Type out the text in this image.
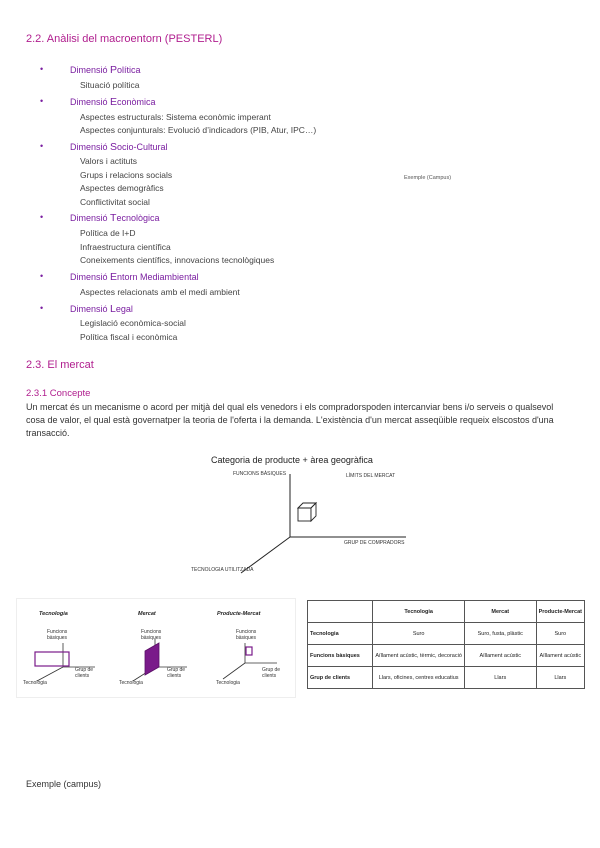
2.2. Anàlisi del macroentorn (PESTERL)
•	Dimensió Política
Situació política
•	Dimensió Econòmica
Aspectes estructurals: Sistema econòmic imperant
Aspectes conjunturals: Evolució d’indicadors (PIB, Atur, IPC…)
•	Dimensió Socio-Cultural
Valors i actituts
Grups i relacions socials
Aspectes demogràfics
Conflictivitat social
•	Dimensió Tecnològica
Política de I+D
Infraestructura científica
Coneixements científics, innovacions tecnològiques
•	Dimensió Entorn Mediambiental
Aspectes relacionats amb el medi ambient
•	Dimensió Legal
Legislació econòmica-social
Política fiscal i econòmica
Exemple (Campus)
2.3. El mercat
2.3.1 Concepte
Un mercat és un mecanisme o acord per mitjà del qual els venedors i els compradorspoden intercanviar bens i/o serveis o qualsevol cosa de valor, el qual està governatper la teoria de l'oferta i la demanda. L'existència d'un mercat asseqüible requeix elscostos d'una transacció.
Categoria de producte + àrea geogràfica
FUNCIONS BÀSIQUES	LÍMITS DEL MERCAT
GRUP DE COMPRADORS
TECNOLOGIA UTILITZADA
Tecnologia
Funcions bàsiques
Grup de clients
Tecnologia
Mercat
Funcions bàsiques
Grup de clients
Tecnologia
Producte-Mercat
Funcions bàsiques
Grup de clients
Tecnologia
	Tecnologia	Mercat	Producte-Mercat
Tecnologia	Suro	Suro, fusta, plàstic	Suro
Funcions bàsiques	Aïllament acústic, tèrmic, decoració	Aïllament acústic	Aïllament acústic
Grup de clients	Llars, oficines, centres educatius	Llars	Llars
Exemple (campus)
